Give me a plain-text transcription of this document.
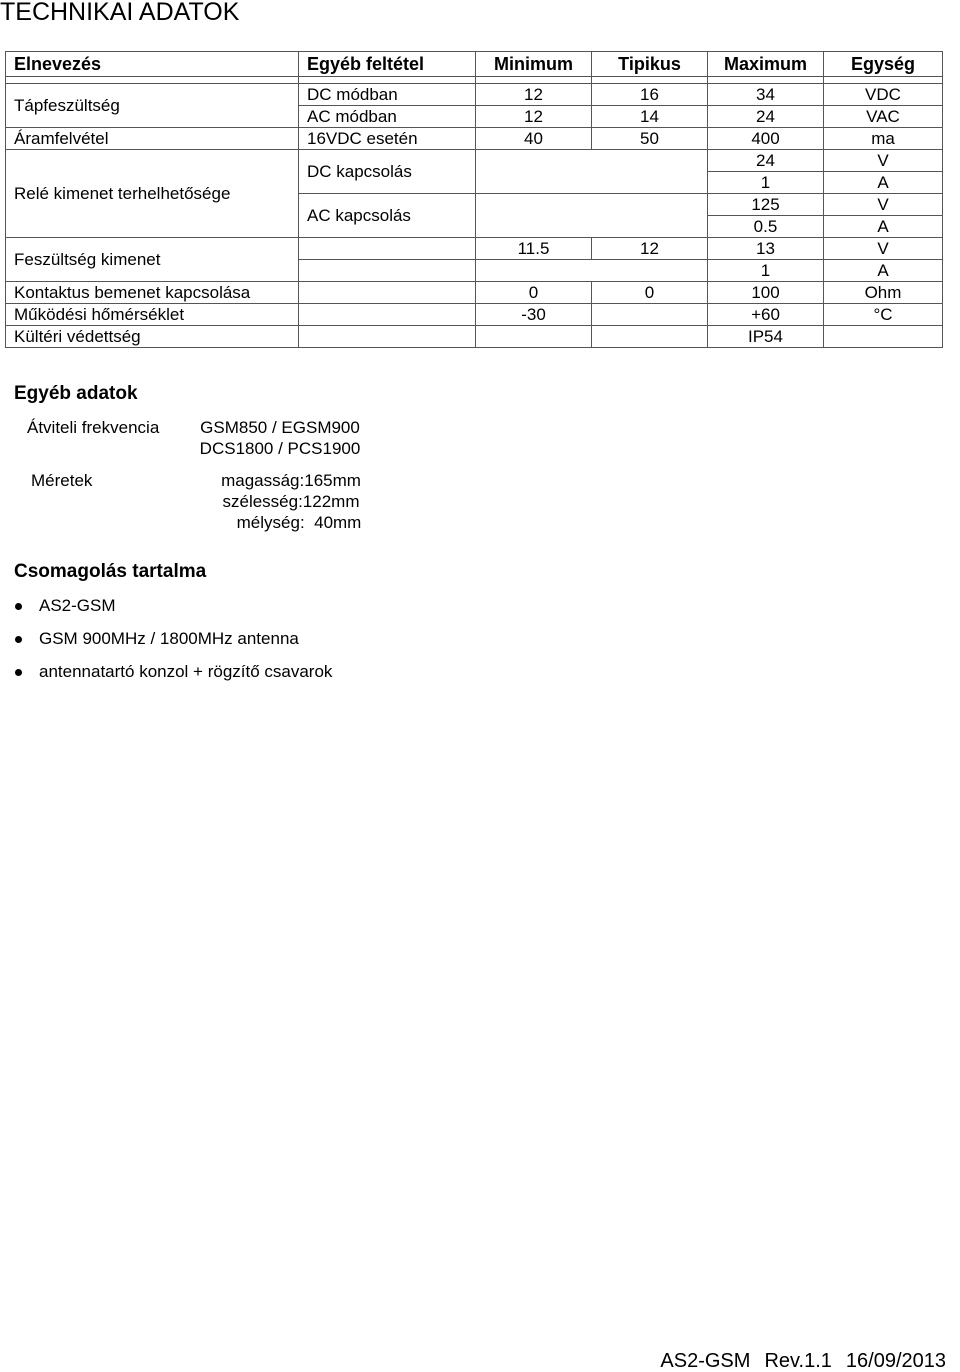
TECHNIKAI ADATOK
Elnevezés	Egyéb feltétel	Minimum	Tipikus	Maximum	Egység

Tápfeszültség	DC módban	12	16	34	VDC
	AC módban	12	14	24	VAC
Áramfelvétel	16VDC esetén	40	50	400	ma
Relé kimenet terhelhetősége	DC kapcsolás			24	V
				1	A
	AC kapcsolás			125	V
				0.5	A
Feszültség kimenet		11.5	12	13	V
				1	A
Kontaktus bemenet kapcsolása		0	0	100	Ohm
Működési hőmérséklet		-30		+60	°C
Kültéri védettség				IP54	
Egyéb adatok
Átviteli frekvencia	GSM850 / EGSM900
DCS1800 / PCS1900
Méretek	magasság:165mm
szélesség:122mm
mélység:  40mm
Csomagolás tartalma
AS2-GSM
GSM 900MHz / 1800MHz antenna
antennatartó konzol + rögzítő csavarok
AS2-GSM Rev.1.1 16/09/2013
